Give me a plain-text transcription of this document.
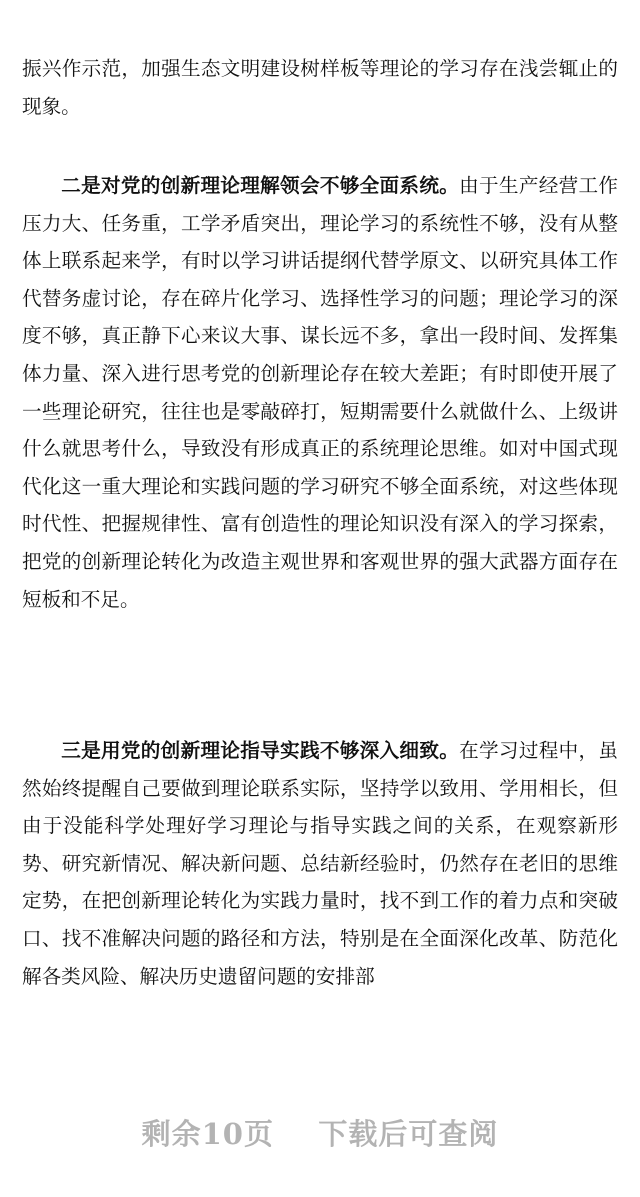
振兴作示范，加强生态文明建设树样板等理论的学习存在浅尝辄止的现象。

二是对党的创新理论理解领会不够全面系统。由于生产经营工作压力大、任务重，工学矛盾突出，理论学习的系统性不够，没有从整体上联系起来学，有时以学习讲话提纲代替学原文、以研究具体工作代替务虚讨论，存在碎片化学习、选择性学习的问题；理论学习的深度不够，真正静下心来议大事、谋长远不多，拿出一段时间、发挥集体力量、深入进行思考党的创新理论存在较大差距；有时即使开展了一些理论研究，往往也是零敲碎打，短期需要什么就做什么、上级讲什么就思考什么，导致没有形成真正的系统理论思维。如对中国式现代化这一重大理论和实践问题的学习研究不够全面系统，对这些体现时代性、把握规律性、富有创造性的理论知识没有深入的学习探索，把党的创新理论转化为改造主观世界和客观世界的强大武器方面存在短板和不足。

三是用党的创新理论指导实践不够深入细致。在学习过程中，虽然始终提醒自己要做到理论联系实际，坚持学以致用、学用相长，但由于没能科学处理好学习理论与指导实践之间的关系，在观察新形势、研究新情况、解决新问题、总结新经验时，仍然存在老旧的思维定势，在把创新理论转化为实践力量时，找不到工作的着力点和突破口、找不准解决问题的路径和方法，特别是在全面深化改革、防范化解各类风险、解决历史遗留问题的安排部

剩余10页 下载后可查阅
